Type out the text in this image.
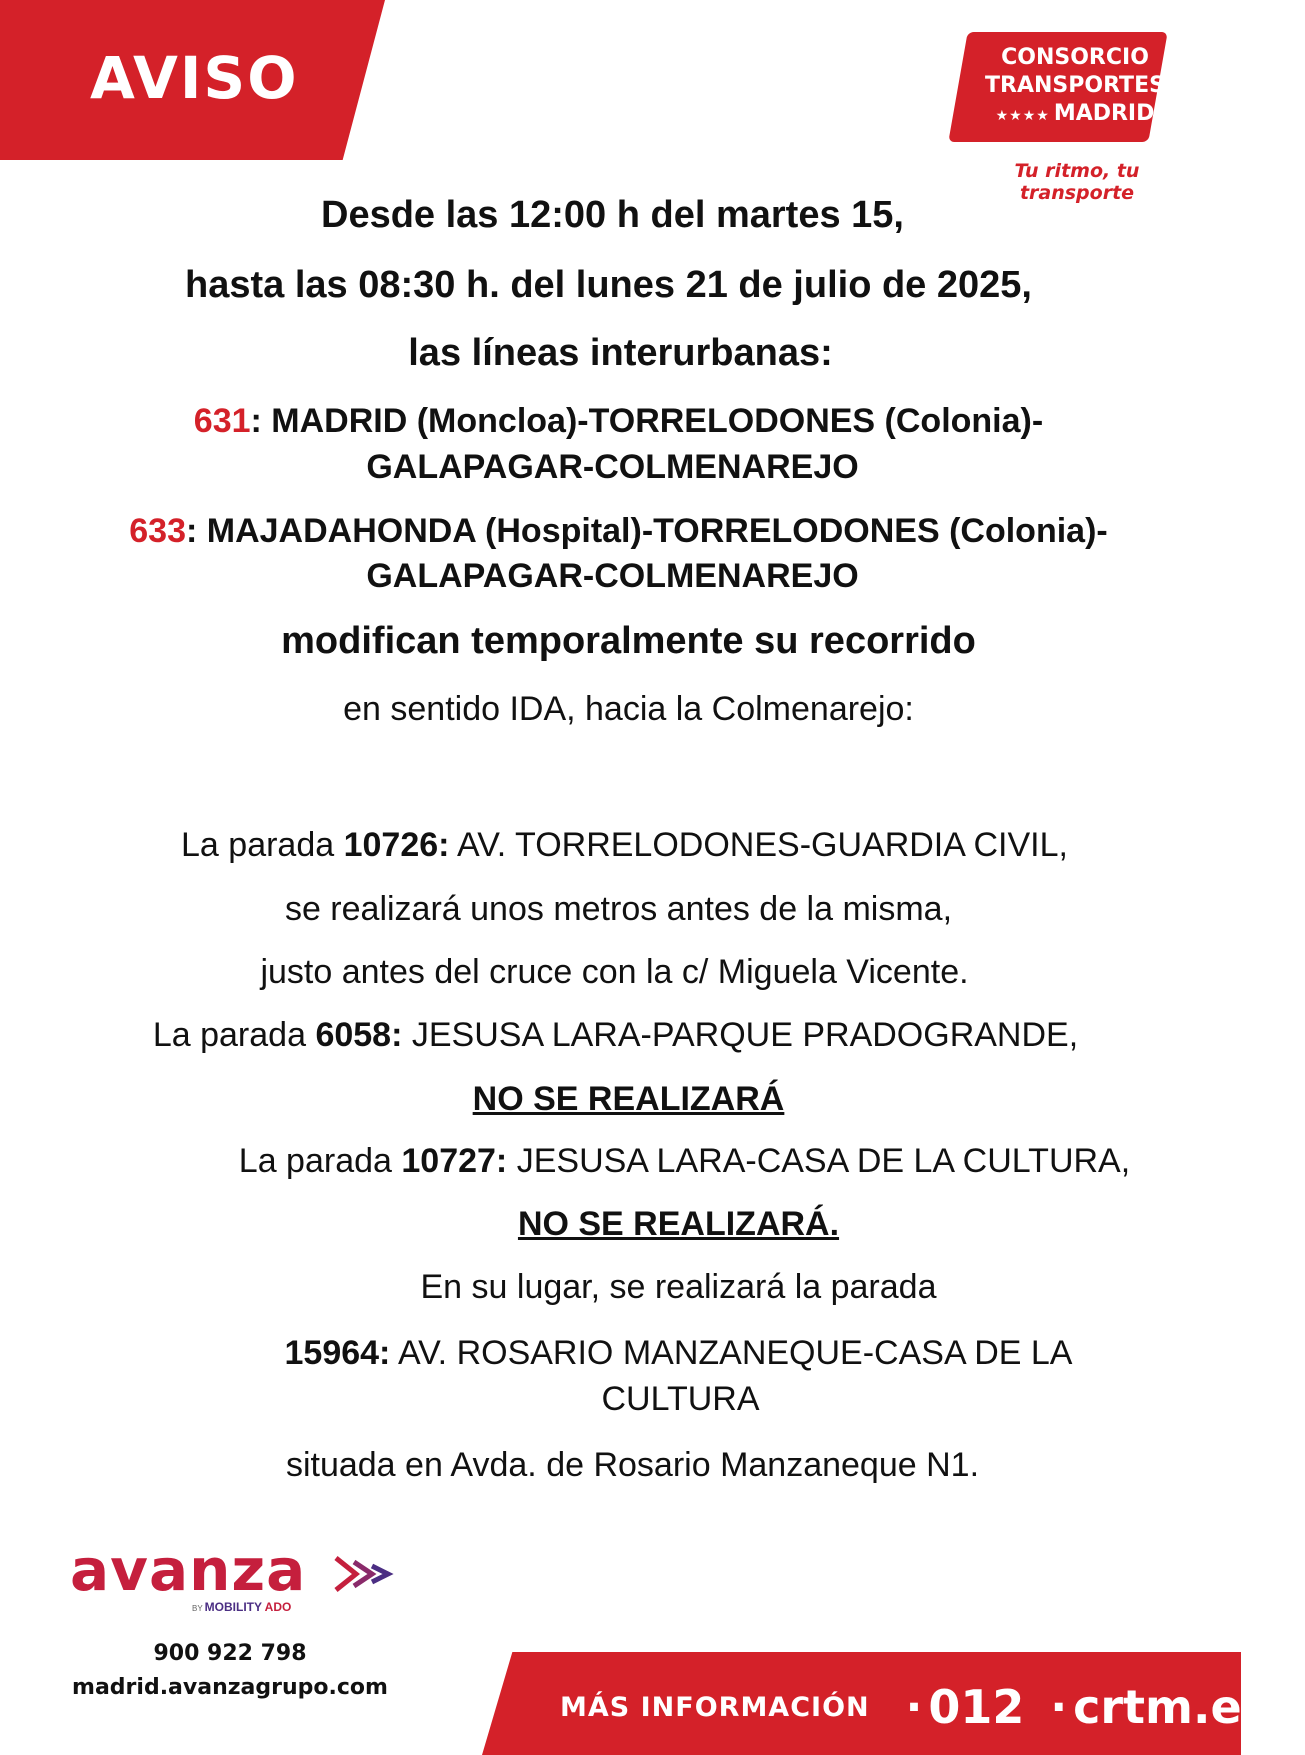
AVISO	CONSORCIO
TRANSPORTES
★★★★ MADRID
Tu ritmo, tu transporte
Desde las 12:00 h del martes 15,
hasta las 08:30 h. del lunes 21 de julio de 2025,
las líneas interurbanas:
631: MADRID (Moncloa)-TORRELODONES (Colonia)-
GALAPAGAR-COLMENAREJO
633: MAJADAHONDA (Hospital)-TORRELODONES (Colonia)-
GALAPAGAR-COLMENAREJO
modifican temporalmente su recorrido
en sentido IDA, hacia la Colmenarejo:
La parada 10726: AV. TORRELODONES-GUARDIA CIVIL,
se realizará unos metros antes de la misma,
justo antes del cruce con la c/ Miguela Vicente.
La parada 6058: JESUSA LARA-PARQUE PRADOGRANDE,
NO SE REALIZARÁ
La parada 10727: JESUSA LARA-CASA DE LA CULTURA,
NO SE REALIZARÁ.
En su lugar, se realizará la parada
15964: AV. ROSARIO MANZANEQUE-CASA DE LA
CULTURA
situada en Avda. de Rosario Manzaneque N1.
avanza
BY MOBILITY ADO
900 922 798
madrid.avanzagrupo.com
MÁS INFORMACIÓN · 012 · crtm.es
